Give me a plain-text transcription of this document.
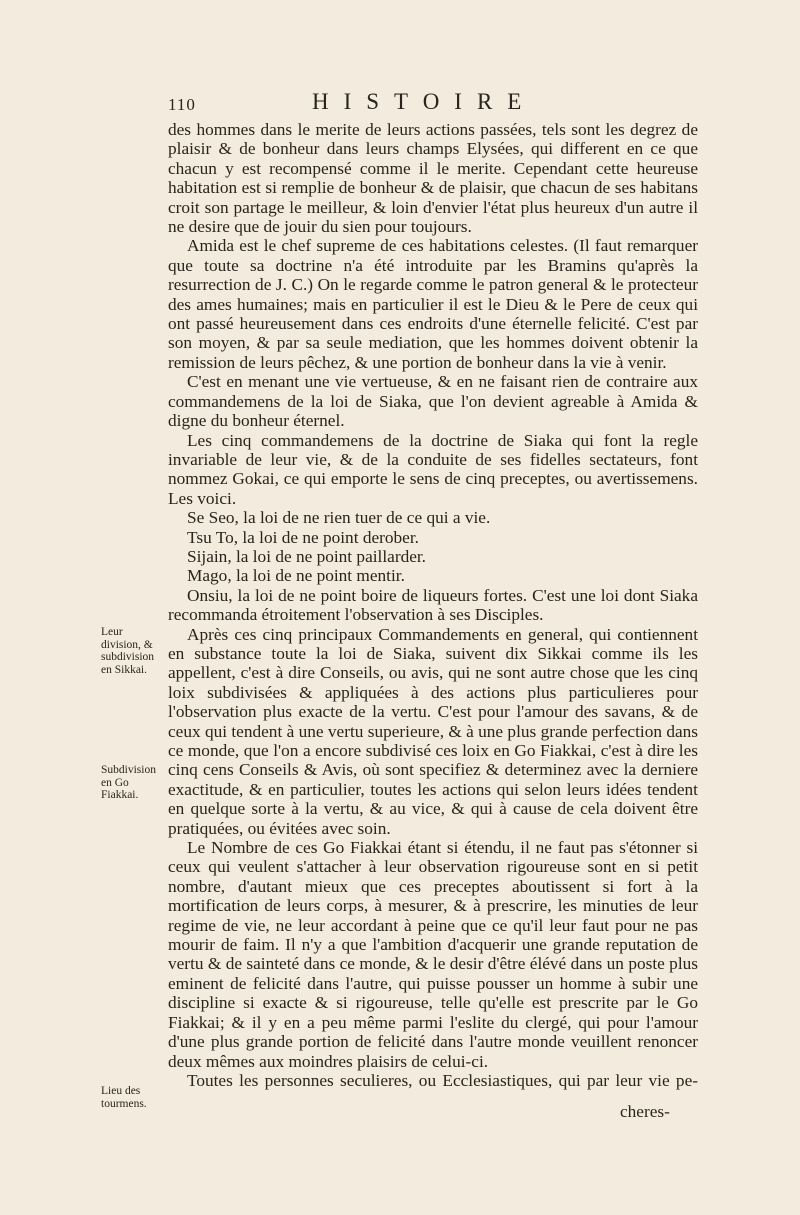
110	HISTOIRE

des hommes dans le merite de leurs actions passées, tels sont les degrez de plaisir & de bonheur dans leurs champs Elysées, qui different en ce que chacun y est recompensé comme il le merite. Cependant cette heureuse habitation est si remplie de bonheur & de plaisir, que chacun de ses habitans croit son partage le meilleur, & loin d'envier l'état plus heureux d'un autre il ne desire que de jouir du sien pour toujours.

Amida est le chef supreme de ces habitations celestes. (Il faut remarquer que toute sa doctrine n'a été introduite par les Bramins qu'après la resurrection de J. C.) On le regarde comme le patron general & le protecteur des ames humaines; mais en particulier il est le Dieu & le Pere de ceux qui ont passé heureusement dans ces endroits d'une éternelle felicité. C'est par son moyen, & par sa seule mediation, que les hommes doivent obtenir la remission de leurs pêchez, & une portion de bonheur dans la vie à venir.

C'est en menant une vie vertueuse, & en ne faisant rien de contraire aux commandemens de la loi de Siaka, que l'on devient agreable à Amida & digne du bonheur éternel.

Les cinq commandemens de la doctrine de Siaka qui font la regle invariable de leur vie, & de la conduite de ses fidelles sectateurs, font nommez Gokai, ce qui emporte le sens de cinq preceptes, ou avertissemens. Les voici.

Se Seo, la loi de ne rien tuer de ce qui a vie.

Tsu To, la loi de ne point derober.

Sijain, la loi de ne point paillarder.

Mago, la loi de ne point mentir.

Onsiu, la loi de ne point boire de liqueurs fortes. C'est une loi dont Siaka recommanda étroitement l'observation à ses Disciples.

Après ces cinq principaux Commandements en general, qui contiennent en substance toute la loi de Siaka, suivent dix Sikkai comme ils les appellent, c'est à dire Conseils, ou avis, qui ne sont autre chose que les cinq loix subdivisées & appliquées à des actions plus particulieres pour l'observation plus exacte de la vertu. C'est pour l'amour des savans, & de ceux qui tendent à une vertu superieure, & à une plus grande perfection dans ce monde, que l'on a encore subdivisé ces loix en Go Fiakkai, c'est à dire les cinq cens Conseils & Avis, où sont specifiez & determinez avec la derniere exactitude, & en particulier, toutes les actions qui selon leurs idées tendent en quelque sorte à la vertu, & au vice, & qui à cause de cela doivent être pratiquées, ou évitées avec soin.

Le Nombre de ces Go Fiakkai étant si étendu, il ne faut pas s'étonner si ceux qui veulent s'attacher à leur observation rigoureuse sont en si petit nombre, d'autant mieux que ces preceptes aboutissent si fort à la mortification de leurs corps, à mesurer, & à prescrire, les minuties de leur regime de vie, ne leur accordant à peine que ce qu'il leur faut pour ne pas mourir de faim. Il n'y a que l'ambition d'acquerir une grande reputation de vertu & de sainteté dans ce monde, & le desir d'être élévé dans un poste plus eminent de felicité dans l'autre, qui puisse pousser un homme à subir une discipline si exacte & si rigoureuse, telle qu'elle est prescrite par le Go Fiakkai; & il y en a peu même parmi l'eslite du clergé, qui pour l'amour d'une plus grande portion de felicité dans l'autre monde veuillent renoncer deux mêmes aux moindres plaisirs de celui-ci.

Toutes les personnes seculieres, ou Ecclesiastiques, qui par leur vie pe-

cheres-
Leur division, & subdivision en Sikkai.
Subdivision en Go Fiakkai.
Lieu des tourmens.
